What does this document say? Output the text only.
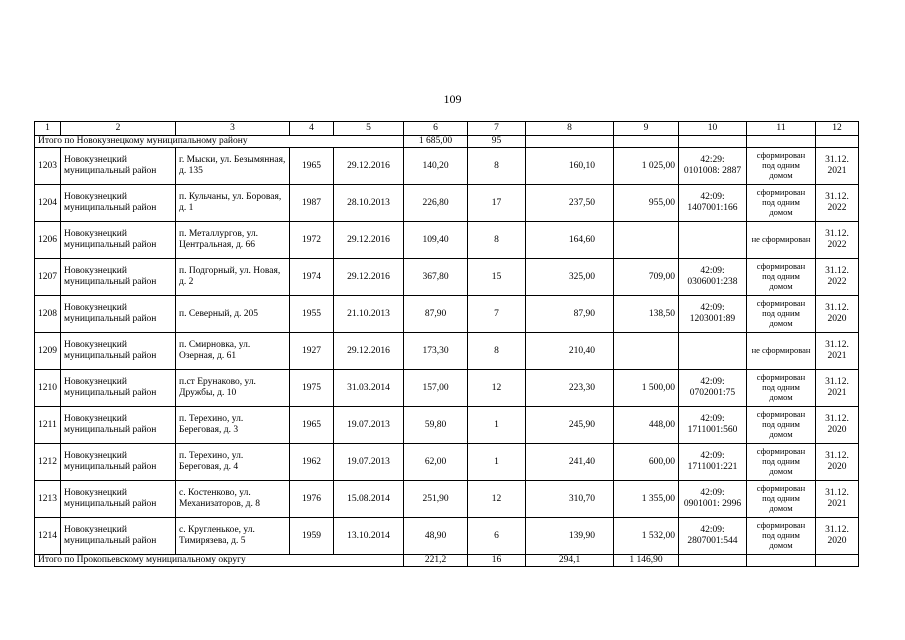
109
1	2	3	4	5	6	7	8	9	10	11	12
Итого по Новокузнецкому муниципальному району					1 685,00	95					
1203	Новокузнецкий муниципальный район	г. Мыски, ул. Безымянная, д. 135	1965	29.12.2016	140,20	8	160,10	1 025,00	42:29: 0101008: 2887	сформирован под одним домом	31.12. 2021
1204	Новокузнецкий муниципальный район	п. Кульчаны, ул. Боровая, д. 1	1987	28.10.2013	226,80	17	237,50	955,00	42:09: 1407001:166	сформирован под одним домом	31.12. 2022
1206	Новокузнецкий муниципальный район	п. Металлургов, ул. Центральная, д. 66	1972	29.12.2016	109,40	8	164,60			не сформирован	31.12. 2022
1207	Новокузнецкий муниципальный район	п. Подгорный, ул. Новая, д. 2	1974	29.12.2016	367,80	15	325,00	709,00	42:09: 0306001:238	сформирован под одним домом	31.12. 2022
1208	Новокузнецкий муниципальный район	п. Северный, д. 205	1955	21.10.2013	87,90	7	87,90	138,50	42:09: 1203001:89	сформирован под одним домом	31.12. 2020
1209	Новокузнецкий муниципальный район	п. Смирновка, ул. Озерная, д. 61	1927	29.12.2016	173,30	8	210,40			не сформирован	31.12. 2021
1210	Новокузнецкий муниципальный район	п.ст Ерунаково, ул. Дружбы, д. 10	1975	31.03.2014	157,00	12	223,30	1 500,00	42:09: 0702001:75	сформирован под одним домом	31.12. 2021
1211	Новокузнецкий муниципальный район	п. Терехино, ул. Береговая, д. 3	1965	19.07.2013	59,80	1	245,90	448,00	42:09: 1711001:560	сформирован под одним домом	31.12. 2020
1212	Новокузнецкий муниципальный район	п. Терехино, ул. Береговая, д. 4	1962	19.07.2013	62,00	1	241,40	600,00	42:09: 1711001:221	сформирован под одним домом	31.12. 2020
1213	Новокузнецкий муниципальный район	с. Костенково, ул. Механизаторов, д. 8	1976	15.08.2014	251,90	12	310,70	1 355,00	42:09: 0901001: 2996	сформирован под одним домом	31.12. 2021
1214	Новокузнецкий муниципальный район	с. Кругленькое, ул. Тимирязева, д. 5	1959	13.10.2014	48,90	6	139,90	1 532,00	42:09: 2807001:544	сформирован под одним домом	31.12. 2020
Итого по Прокопьевскому муниципальному округу					221,2	16	294,1	1 146,90			
